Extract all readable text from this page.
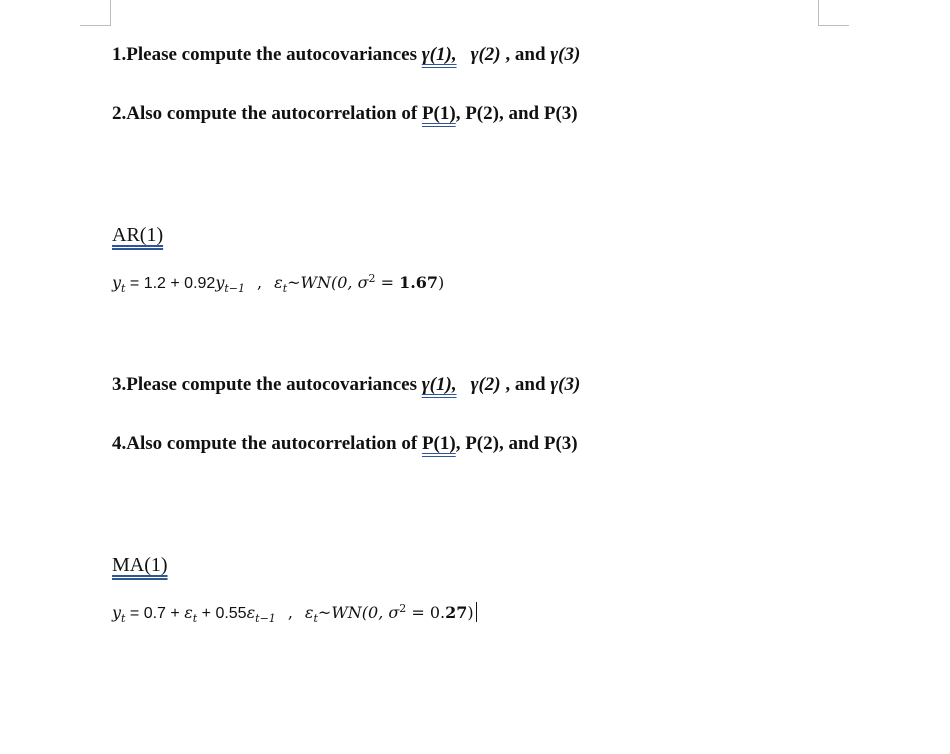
1.Please compute the autocovariances γ(1), γ(2) , and γ(3)
2.Also compute the autocorrelation of P(1), P(2), and P(3)
AR(1)
$y_t = 1.2 + 0.92y_{t-1}$ , $\varepsilon_t\sim WN(0$, $\sigma^2 = 1.67$)
3.Please compute the autocovariances γ(1), γ(2) , and γ(3)
4.Also compute the autocorrelation of P(1), P(2), and P(3)
MA(1)
$y_t = 0.7 + \varepsilon_t + 0.55\varepsilon_{t-1}$ , $\varepsilon_t\sim WN(0$, $\sigma^2 = 0.27$)
